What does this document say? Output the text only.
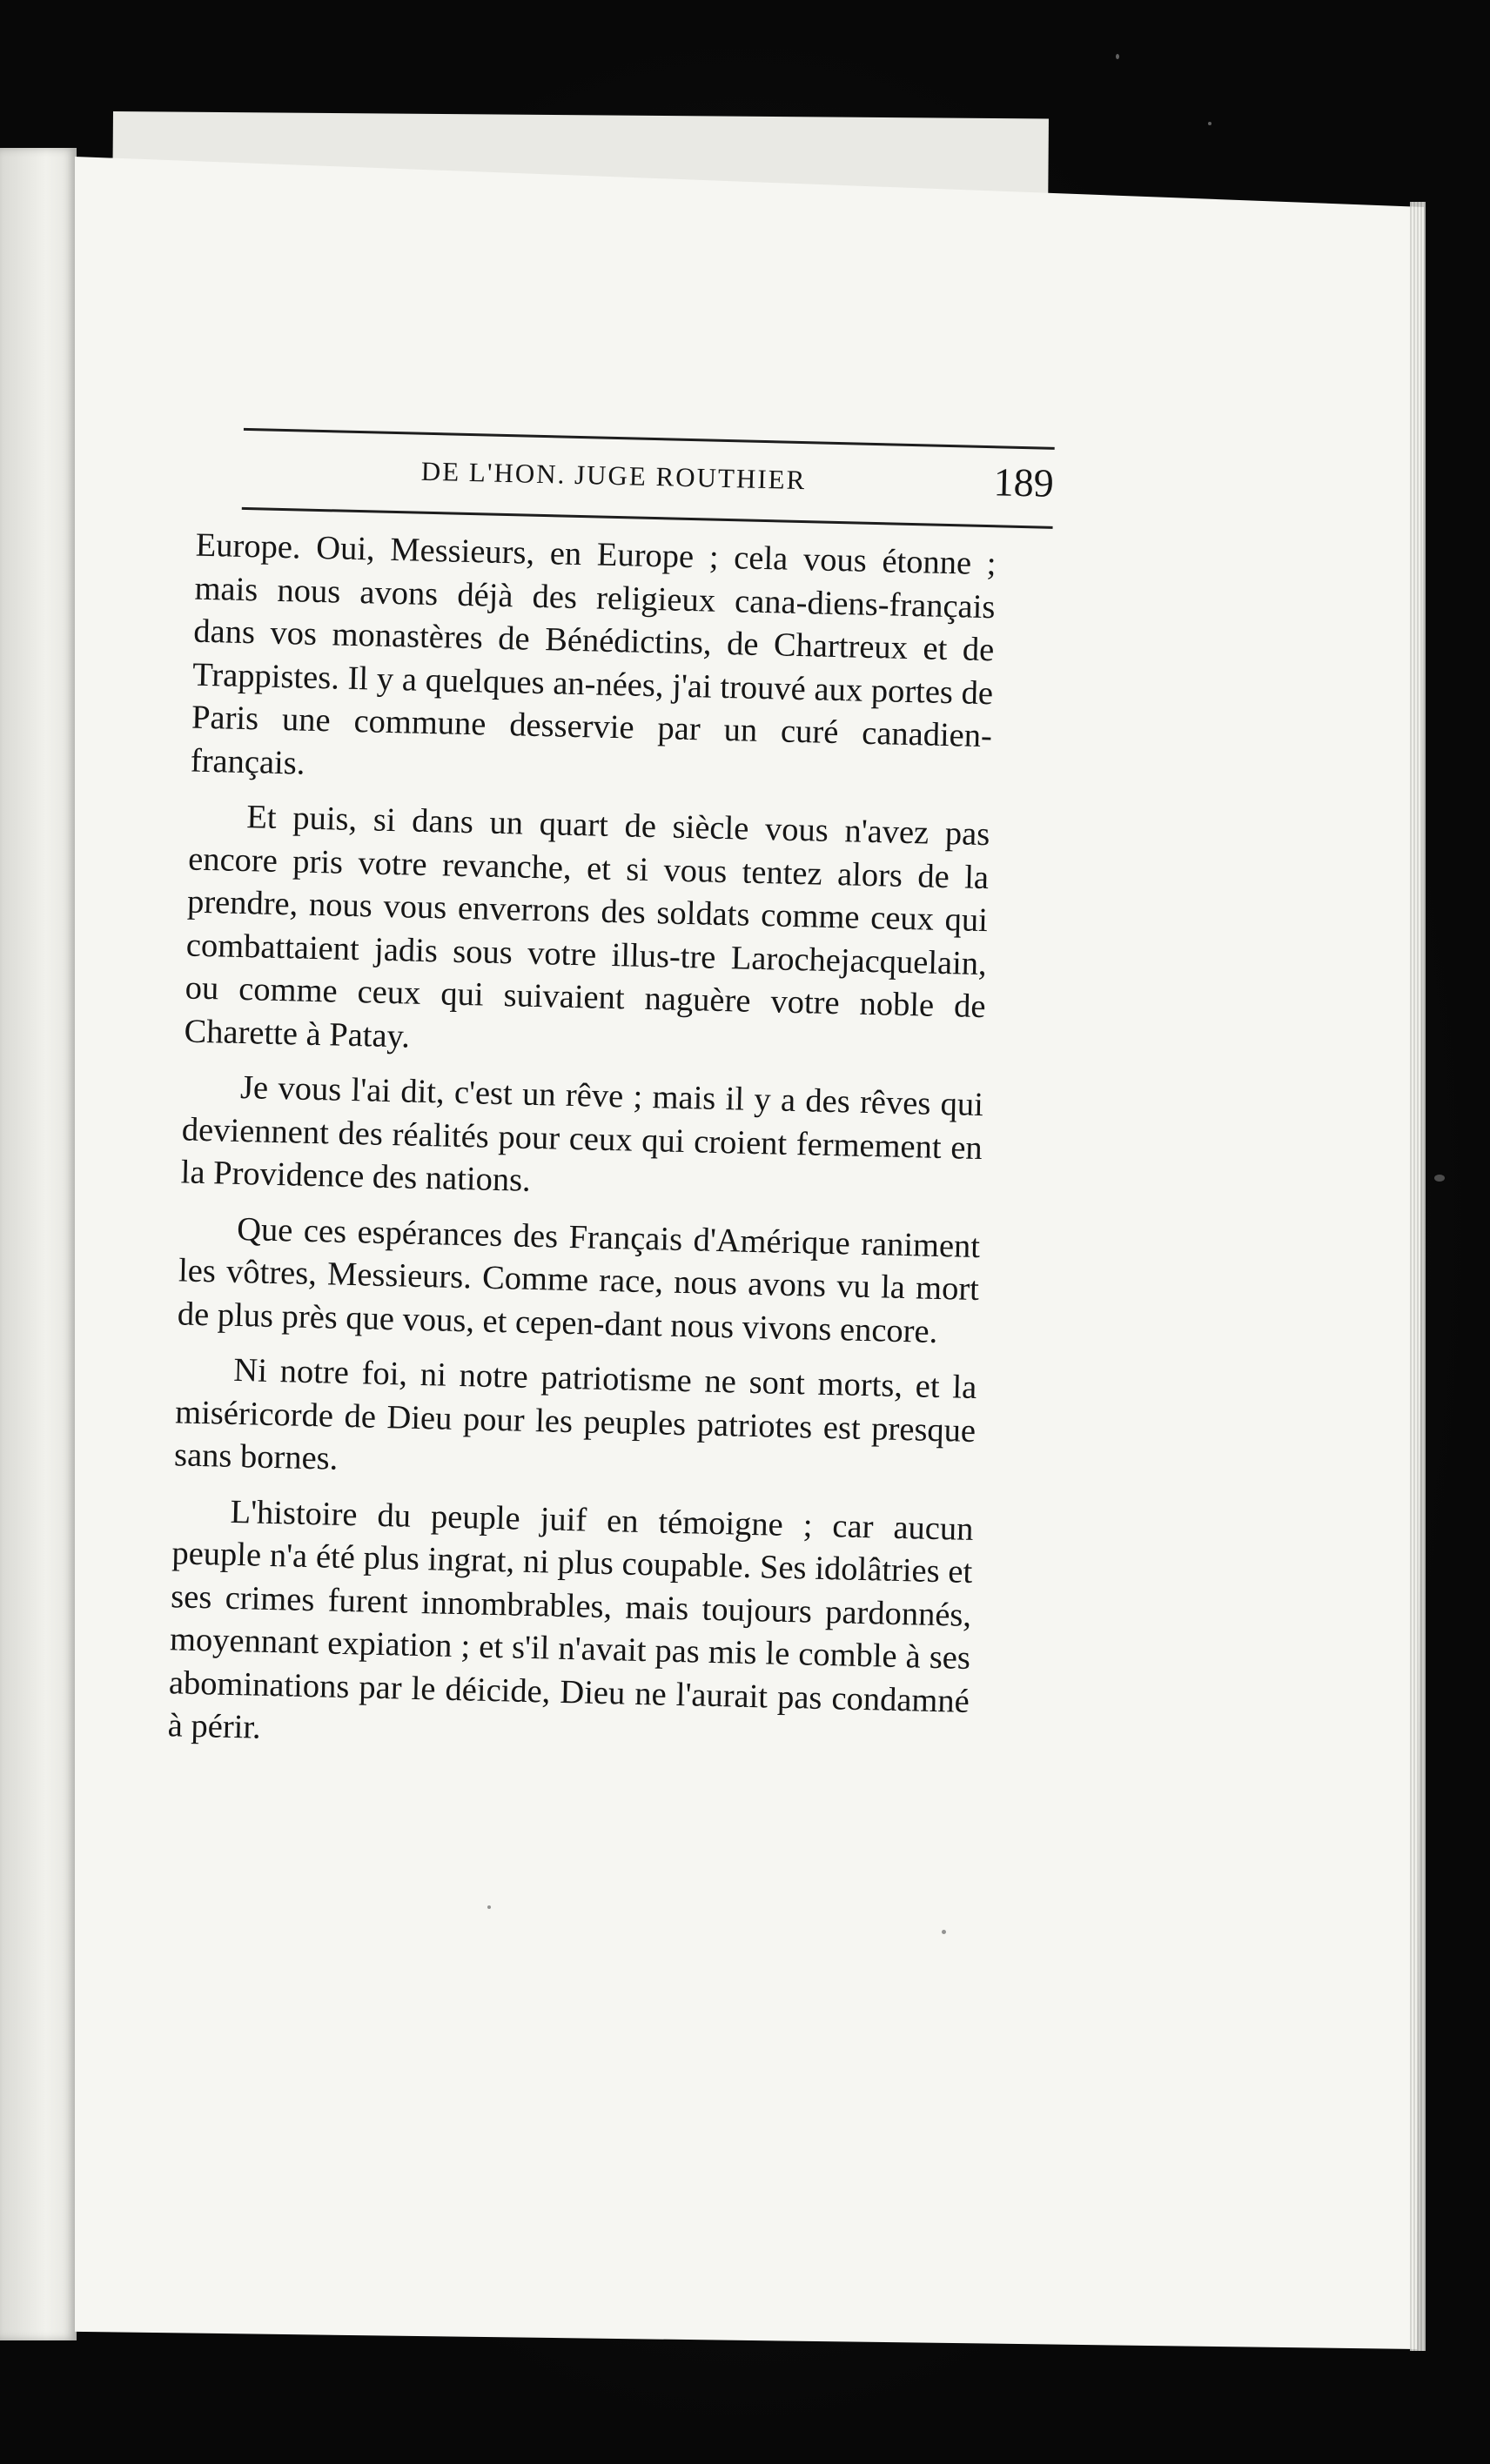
DE L'HON. JUGE ROUTHIER	189

Europe. Oui, Messieurs, en Europe ; cela vous étonne ; mais nous avons déjà des religieux cana-diens-français dans vos monastères de Bénédictins, de Chartreux et de Trappistes. Il y a quelques an-nées, j'ai trouvé aux portes de Paris une commune desservie par un curé canadien-français.

Et puis, si dans un quart de siècle vous n'avez pas encore pris votre revanche, et si vous tentez alors de la prendre, nous vous enverrons des soldats comme ceux qui combattaient jadis sous votre illus-tre Larochejacquelain, ou comme ceux qui suivaient naguère votre noble de Charette à Patay.

Je vous l'ai dit, c'est un rêve ; mais il y a des rêves qui deviennent des réalités pour ceux qui croient fermement en la Providence des nations.

Que ces espérances des Français d'Amérique raniment les vôtres, Messieurs. Comme race, nous avons vu la mort de plus près que vous, et cepen-dant nous vivons encore.

Ni notre foi, ni notre patriotisme ne sont morts, et la miséricorde de Dieu pour les peuples patriotes est presque sans bornes.

L'histoire du peuple juif en témoigne ; car aucun peuple n'a été plus ingrat, ni plus coupable. Ses idolâtries et ses crimes furent innombrables, mais toujours pardonnés, moyennant expiation ; et s'il n'avait pas mis le comble à ses abominations par le déicide, Dieu ne l'aurait pas condamné à périr.
